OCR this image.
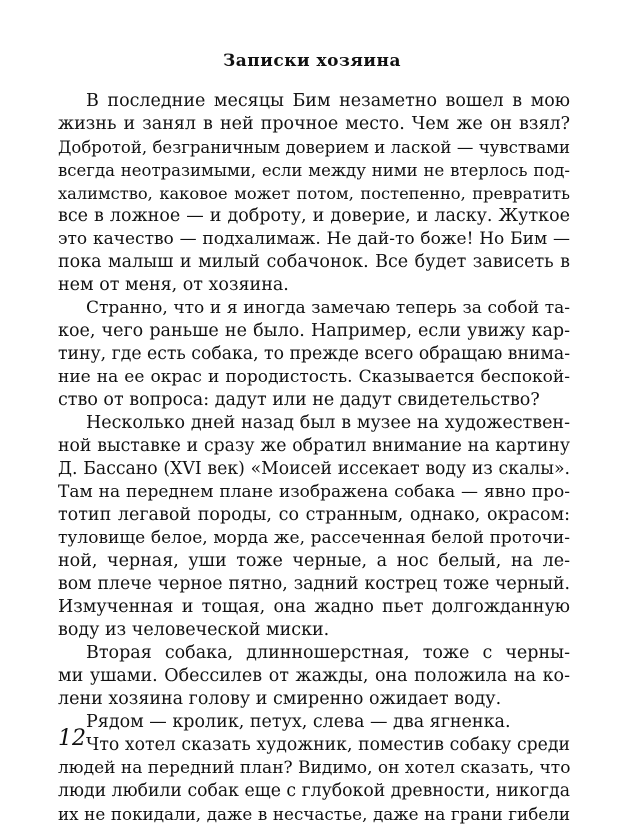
Записки хозяина
В последние месяцы Бим незаметно вошел в мою
жизнь и занял в ней прочное место. Чем же он взял?
Добротой, безграничным доверием и лаской — чувствами
всегда неотразимыми, если между ними не втерлось под-
халимство, каковое может потом, постепенно, превратить
все в ложное — и доброту, и доверие, и ласку. Жуткое
это качество — подхалимаж. Не дай-то боже! Но Бим —
пока малыш и милый собачонок. Все будет зависеть в
нем от меня, от хозяина.
Странно, что и я иногда замечаю теперь за собой та-
кое, чего раньше не было. Например, если увижу кар-
тину, где есть собака, то прежде всего обращаю внима-
ние на ее окрас и породистость. Сказывается беспокой-
ство от вопроса: дадут или не дадут свидетельство?
Несколько дней назад был в музее на художествен-
ной выставке и сразу же обратил внимание на картину
Д. Бассано (XVI век) «Моисей иссекает воду из скалы».
Там на переднем плане изображена собака — явно про-
тотип легавой породы, со странным, однако, окрасом:
туловище белое, морда же, рассеченная белой проточи-
ной, черная, уши тоже черные, а нос белый, на ле-
вом плече черное пятно, задний кострец тоже черный.
Измученная и тощая, она жадно пьет долгожданную
воду из человеческой миски.
Вторая собака, длинношерстная, тоже с черны-
ми ушами. Обессилев от жажды, она положила на ко-
лени хозяина голову и смиренно ожидает воду.
Рядом — кролик, петух, слева — два ягненка.
Что хотел сказать художник, поместив собаку среди
людей на передний план? Видимо, он хотел сказать, что
люди любили собак еще с глубокой древности, никогда
их не покидали, даже в несчастье, даже на грани гибели
12
